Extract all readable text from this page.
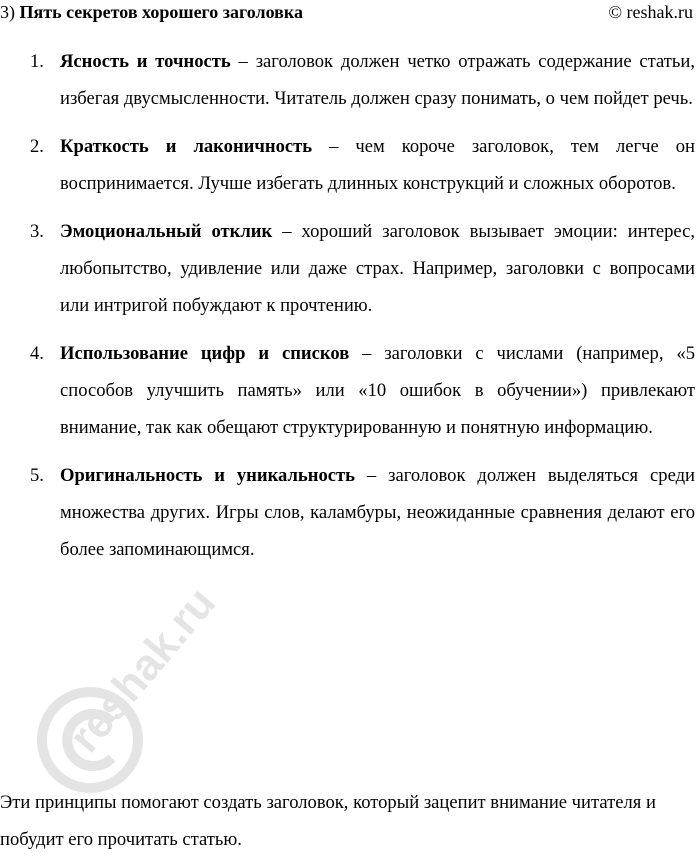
3) Пять секретов хорошего заголовка	© reshak.ru
1. Ясность и точность – заголовок должен четко отражать содержание статьи, избегая двусмысленности. Читатель должен сразу понимать, о чем пойдет речь.
2. Краткость и лаконичность – чем короче заголовок, тем легче он воспринимается. Лучше избегать длинных конструкций и сложных оборотов.
3. Эмоциональный отклик – хороший заголовок вызывает эмоции: интерес, любопытство, удивление или даже страх. Например, заголовки с вопросами или интригой побуждают к прочтению.
4. Использование цифр и списков – заголовки с числами (например, «5 способов улучшить память» или «10 ошибок в обучении») привлекают внимание, так как обещают структурированную и понятную информацию.
5. Оригинальность и уникальность – заголовок должен выделяться среди множества других. Игры слов, каламбуры, неожиданные сравнения делают его более запоминающимся.

Эти принципы помогают создать заголовок, который зацепит внимание читателя и побудит его прочитать статью.

reshak.ru
